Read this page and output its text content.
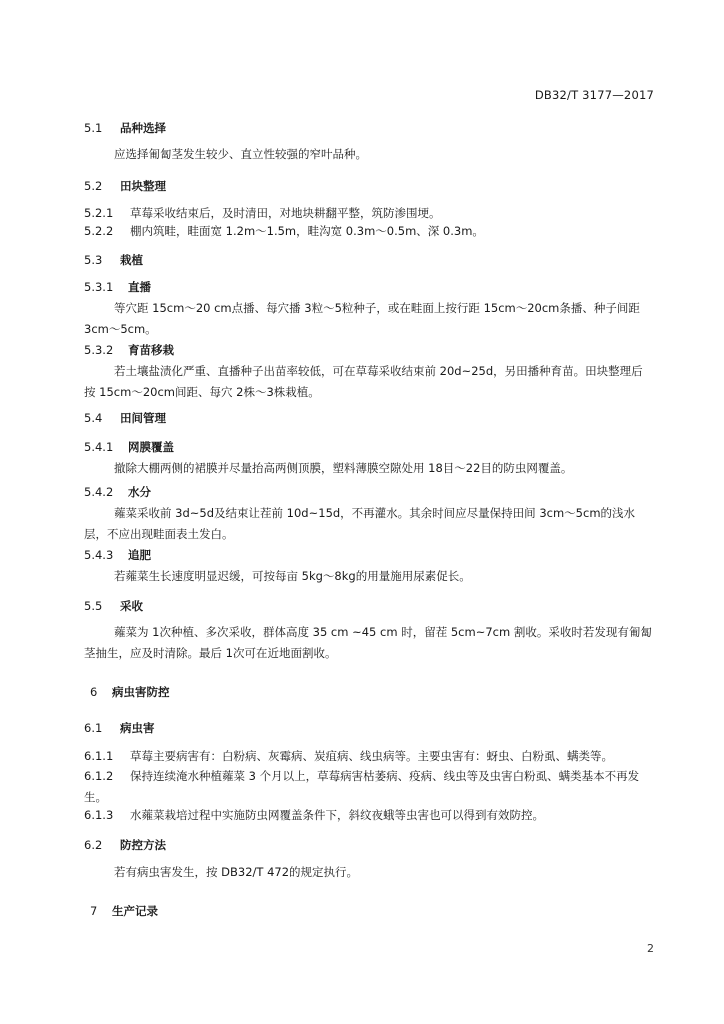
DB32/T 3177—2017
5.1 品种选择
应选择匍匐茎发生较少、直立性较强的窄叶品种。
5.2 田块整理
5.2.1 草莓采收结束后，及时清田，对地块耕翻平整，筑防渗围埂。
5.2.2 棚内筑畦，畦面宽 1.2m～1.5m，畦沟宽 0.3m～0.5m、深 0.3m。
5.3 栽植
5.3.1 直播
等穴距 15cm～20 cm点播、每穴播 3粒～5粒种子，或在畦面上按行距 15cm～20cm条播、种子间距 3cm～5cm。
5.3.2 育苗移栽
若土壤盐渍化严重、直播种子出苗率较低，可在草莓采收结束前 20d~25d，另田播种育苗。田块整理后按 15cm～20cm间距、每穴 2株～3株栽植。
5.4 田间管理
5.4.1 网膜覆盖
撤除大棚两侧的裙膜并尽量抬高两侧顶膜，塑料薄膜空隙处用 18目～22目的防虫网覆盖。
5.4.2 水分
蕹菜采收前 3d~5d及结束让茬前 10d~15d，不再灌水。其余时间应尽量保持田间 3cm～5cm的浅水层，不应出现畦面表土发白。
5.4.3 追肥
若蕹菜生长速度明显迟缓，可按每亩 5kg～8kg的用量施用尿素促长。
5.5 采收
蕹菜为 1次种植、多次采收，群体高度 35 cm ~45 cm 时，留茬 5cm~7cm 割收。采收时若发现有匍匐茎抽生，应及时清除。最后 1次可在近地面割收。
6 病虫害防控
6.1 病虫害
6.1.1 草莓主要病害有：白粉病、灰霉病、炭疽病、线虫病等。主要虫害有：蚜虫、白粉虱、螨类等。
6.1.2 保持连续淹水种植蕹菜 3 个月以上，草莓病害枯萎病、疫病、线虫等及虫害白粉虱、螨类基本不再发生。
6.1.3 水蕹菜栽培过程中实施防虫网覆盖条件下，斜纹夜蛾等虫害也可以得到有效防控。
6.2 防控方法
若有病虫害发生，按 DB32/T 472的规定执行。
7 生产记录
2
